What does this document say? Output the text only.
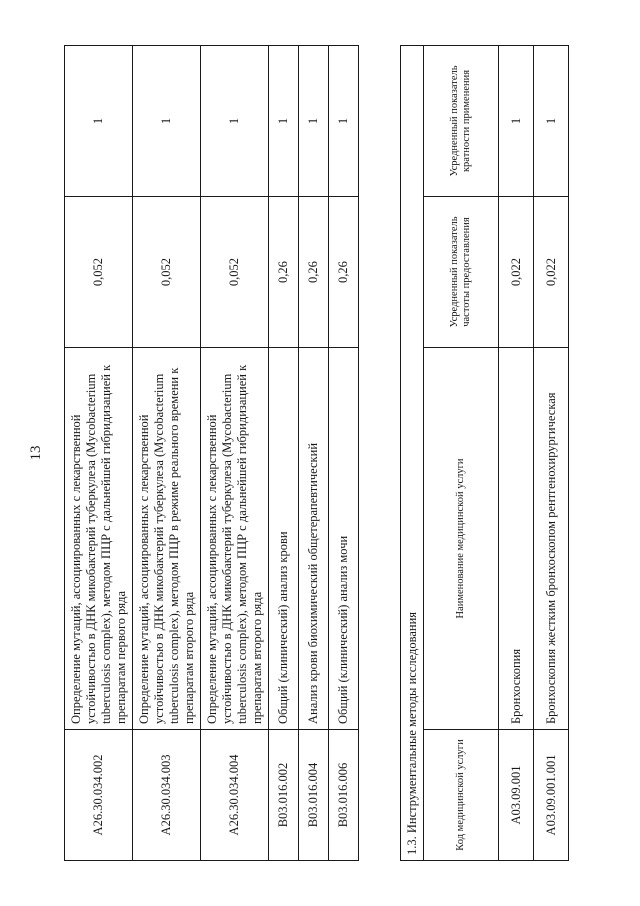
13
A26.30.034.002	Определение мутаций, ассоциированных с лекарственной устойчивостью в ДНК микобактерий туберкулеза (Mycobacterium tuberculosis complex), методом ПЦР с дальнейшей гибридизацией к препаратам первого ряда	0,052	1
A26.30.034.003	Определение мутаций, ассоциированных с лекарственной устойчивостью в ДНК микобактерий туберкулеза (Mycobacterium tuberculosis complex), методом ПЦР в режиме реального времени к препаратам второго ряда	0,052	1
A26.30.034.004	Определение мутаций, ассоциированных с лекарственной устойчивостью в ДНК микобактерий туберкулеза (Mycobacterium tuberculosis complex), методом ПЦР с дальнейшей гибридизацией к препаратам второго ряда	0,052	1
B03.016.002	Общий (клинический) анализ крови	0,26	1
B03.016.004	Анализ крови биохимический общетерапевтический	0,26	1
B03.016.006	Общий (клинический) анализ мочи	0,26	1
1.3. Инструментальные методы исследования			
Код медицинской услуги	Наименование медицинской услуги	Усредненный показатель частоты предоставления	Усредненный показатель кратности применения
A03.09.001	Бронхоскопия	0,022	1
A03.09.001.001	Бронхоскопия жестким бронхоскопом рентгенохирургическая	0,022	1
